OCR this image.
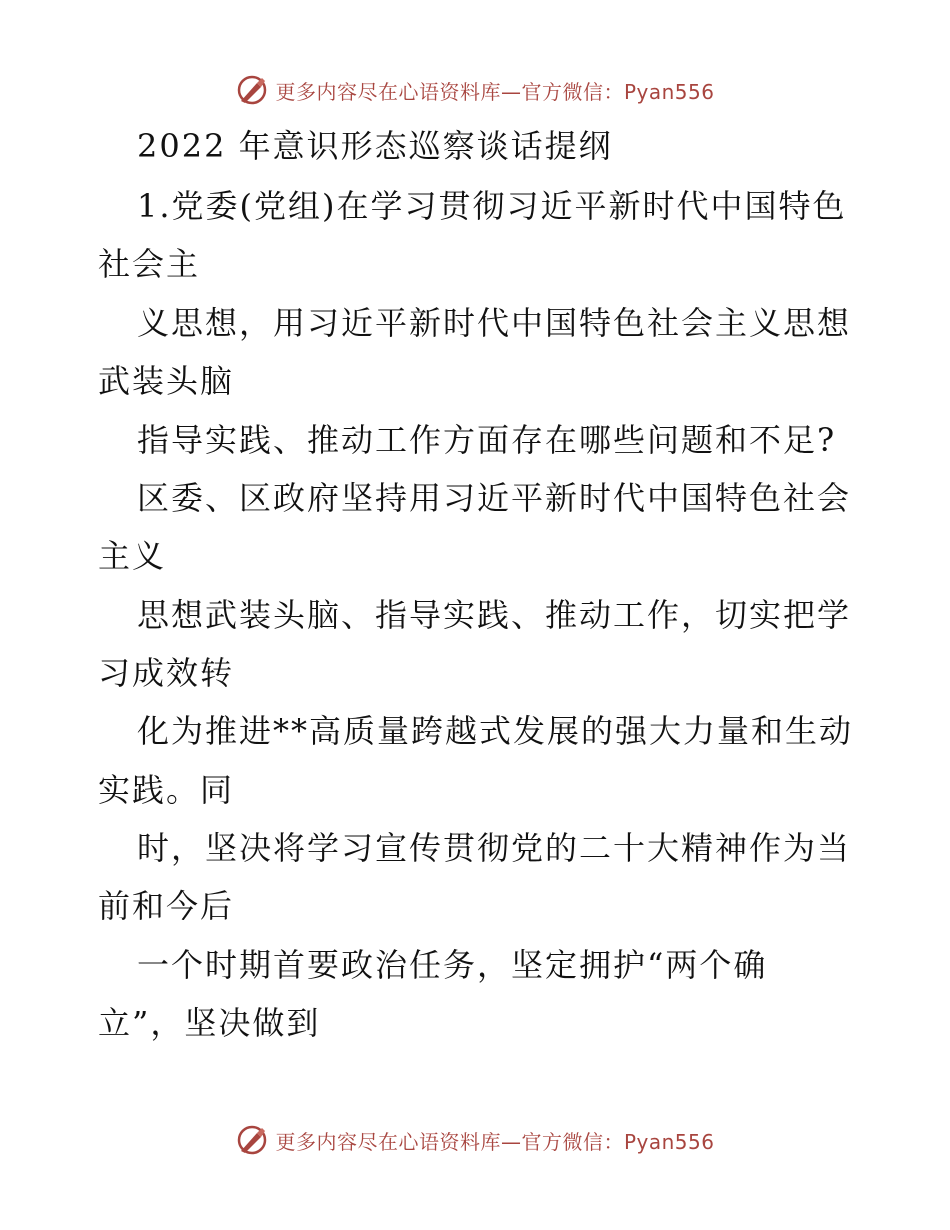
更多内容尽在心语资料库—官方微信：Pyan556
2022 年意识形态巡察谈话提纲
1.党委(党组)在学习贯彻习近平新时代中国特色
社会主
义思想，用习近平新时代中国特色社会主义思想
武装头脑
指导实践、推动工作方面存在哪些问题和不足?
区委、区政府坚持用习近平新时代中国特色社会
主义
思想武装头脑、指导实践、推动工作，切实把学
习成效转
化为推进**高质量跨越式发展的强大力量和生动
实践。同
时，坚决将学习宣传贯彻党的二十大精神作为当
前和今后
一个时期首要政治任务，坚定拥护“两个确
立”，坚决做到
更多内容尽在心语资料库—官方微信：Pyan556
